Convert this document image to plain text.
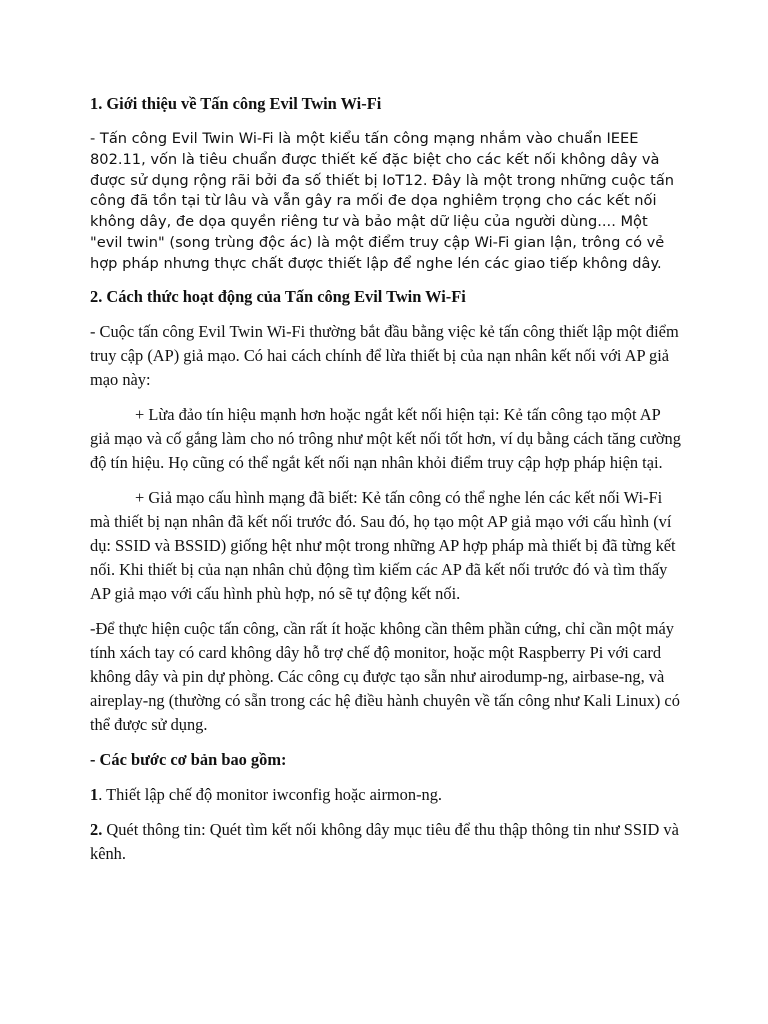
1. Giới thiệu về Tấn công Evil Twin Wi-Fi

- Tấn công Evil Twin Wi-Fi là một kiểu tấn công mạng nhắm vào chuẩn IEEE 802.11, vốn là tiêu chuẩn được thiết kế đặc biệt cho các kết nối không dây và được sử dụng rộng rãi bởi đa số thiết bị IoT12. Đây là một trong những cuộc tấn công đã tồn tại từ lâu và vẫn gây ra mối đe dọa nghiêm trọng cho các kết nối không dây, đe dọa quyền riêng tư và bảo mật dữ liệu của người dùng.... Một "evil twin" (song trùng độc ác) là một điểm truy cập Wi-Fi gian lận, trông có vẻ hợp pháp nhưng thực chất được thiết lập để nghe lén các giao tiếp không dây.

2. Cách thức hoạt động của Tấn công Evil Twin Wi-Fi

- Cuộc tấn công Evil Twin Wi-Fi thường bắt đầu bằng việc kẻ tấn công thiết lập một điểm truy cập (AP) giả mạo. Có hai cách chính để lừa thiết bị của nạn nhân kết nối với AP giả mạo này:

+ Lừa đảo tín hiệu mạnh hơn hoặc ngắt kết nối hiện tại: Kẻ tấn công tạo một AP giả mạo và cố gắng làm cho nó trông như một kết nối tốt hơn, ví dụ bằng cách tăng cường độ tín hiệu. Họ cũng có thể ngắt kết nối nạn nhân khỏi điểm truy cập hợp pháp hiện tại.

+ Giả mạo cấu hình mạng đã biết: Kẻ tấn công có thể nghe lén các kết nối Wi-Fi mà thiết bị nạn nhân đã kết nối trước đó. Sau đó, họ tạo một AP giả mạo với cấu hình (ví dụ: SSID và BSSID) giống hệt như một trong những AP hợp pháp mà thiết bị đã từng kết nối. Khi thiết bị của nạn nhân chủ động tìm kiếm các AP đã kết nối trước đó và tìm thấy AP giả mạo với cấu hình phù hợp, nó sẽ tự động kết nối.

-Để thực hiện cuộc tấn công, cần rất ít hoặc không cần thêm phần cứng, chỉ cần một máy tính xách tay có card không dây hỗ trợ chế độ monitor, hoặc một Raspberry Pi với card không dây và pin dự phòng. Các công cụ được tạo sẵn như airodump-ng, airbase-ng, và aireplay-ng (thường có sẵn trong các hệ điều hành chuyên về tấn công như Kali Linux) có thể được sử dụng.

- Các bước cơ bản bao gồm:

1. Thiết lập chế độ monitor iwconfig hoặc airmon-ng.

2. Quét thông tin: Quét tìm kết nối không dây mục tiêu để thu thập thông tin như SSID và kênh.
